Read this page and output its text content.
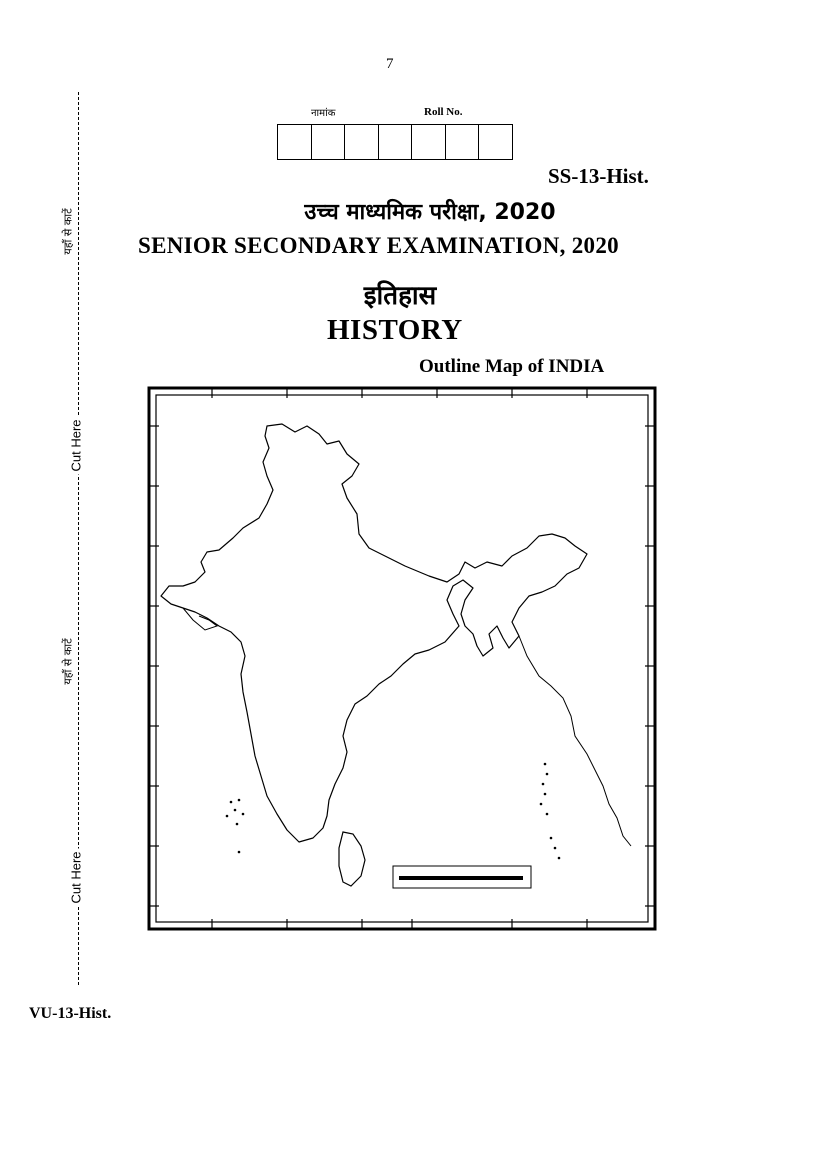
7
यहाँ से काटें
Cut Here
यहाँ से काटें
Cut Here
नामांक	Roll No.
SS-13-Hist.
उच्च माध्यमिक परीक्षा, 2020
SENIOR SECONDARY EXAMINATION, 2020
इतिहास
HISTORY
Outline Map of INDIA
VU-13-Hist.
